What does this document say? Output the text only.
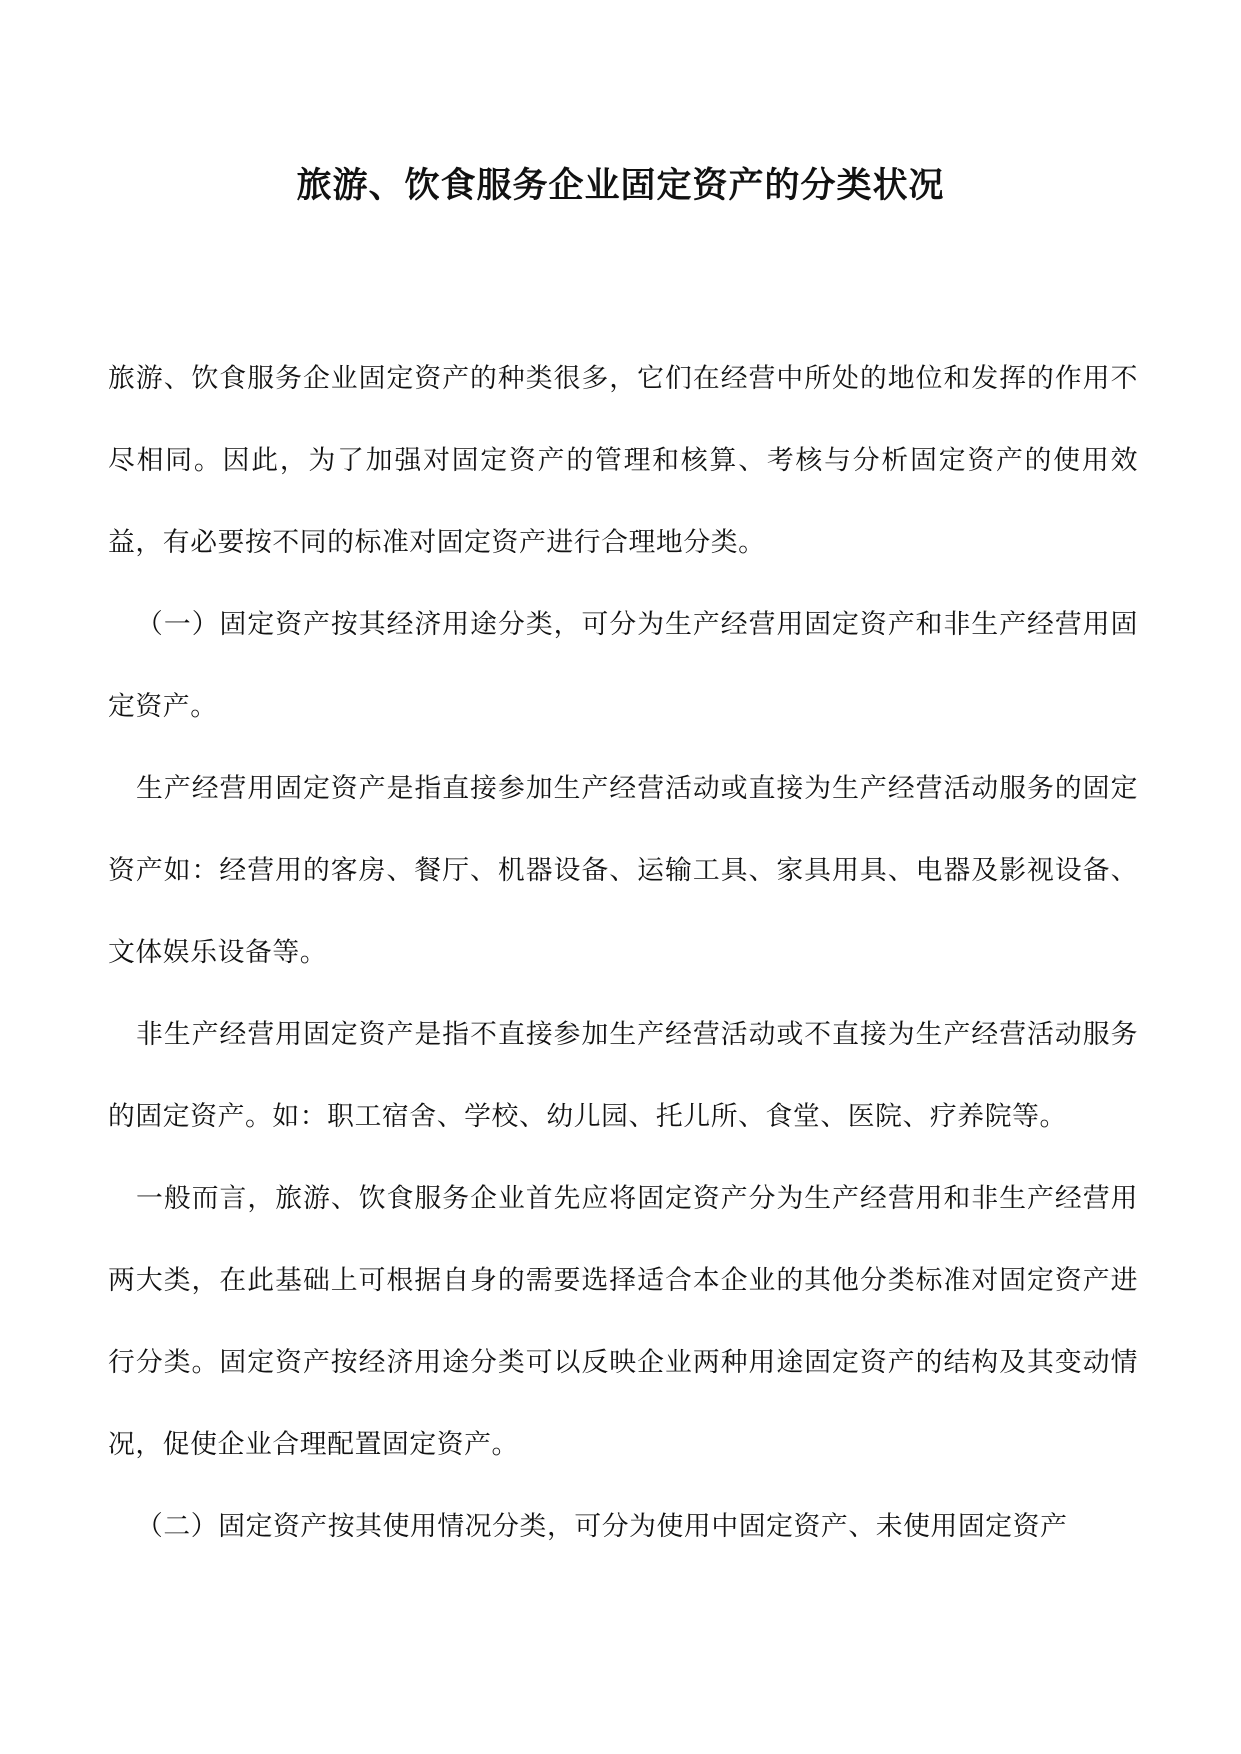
旅游、饮食服务企业固定资产的分类状况

旅游、饮食服务企业固定资产的种类很多，它们在经营中所处的地位和发挥的作用不尽相同。因此，为了加强对固定资产的管理和核算、考核与分析固定资产的使用效益，有必要按不同的标准对固定资产进行合理地分类。

（一）固定资产按其经济用途分类，可分为生产经营用固定资产和非生产经营用固定资产。

生产经营用固定资产是指直接参加生产经营活动或直接为生产经营活动服务的固定资产如：经营用的客房、餐厅、机器设备、运输工具、家具用具、电器及影视设备、文体娱乐设备等。

非生产经营用固定资产是指不直接参加生产经营活动或不直接为生产经营活动服务的固定资产。如：职工宿舍、学校、幼儿园、托儿所、食堂、医院、疗养院等。

一般而言，旅游、饮食服务企业首先应将固定资产分为生产经营用和非生产经营用两大类，在此基础上可根据自身的需要选择适合本企业的其他分类标准对固定资产进行分类。固定资产按经济用途分类可以反映企业两种用途固定资产的结构及其变动情况，促使企业合理配置固定资产。

（二）固定资产按其使用情况分类，可分为使用中固定资产、未使用固定资产
